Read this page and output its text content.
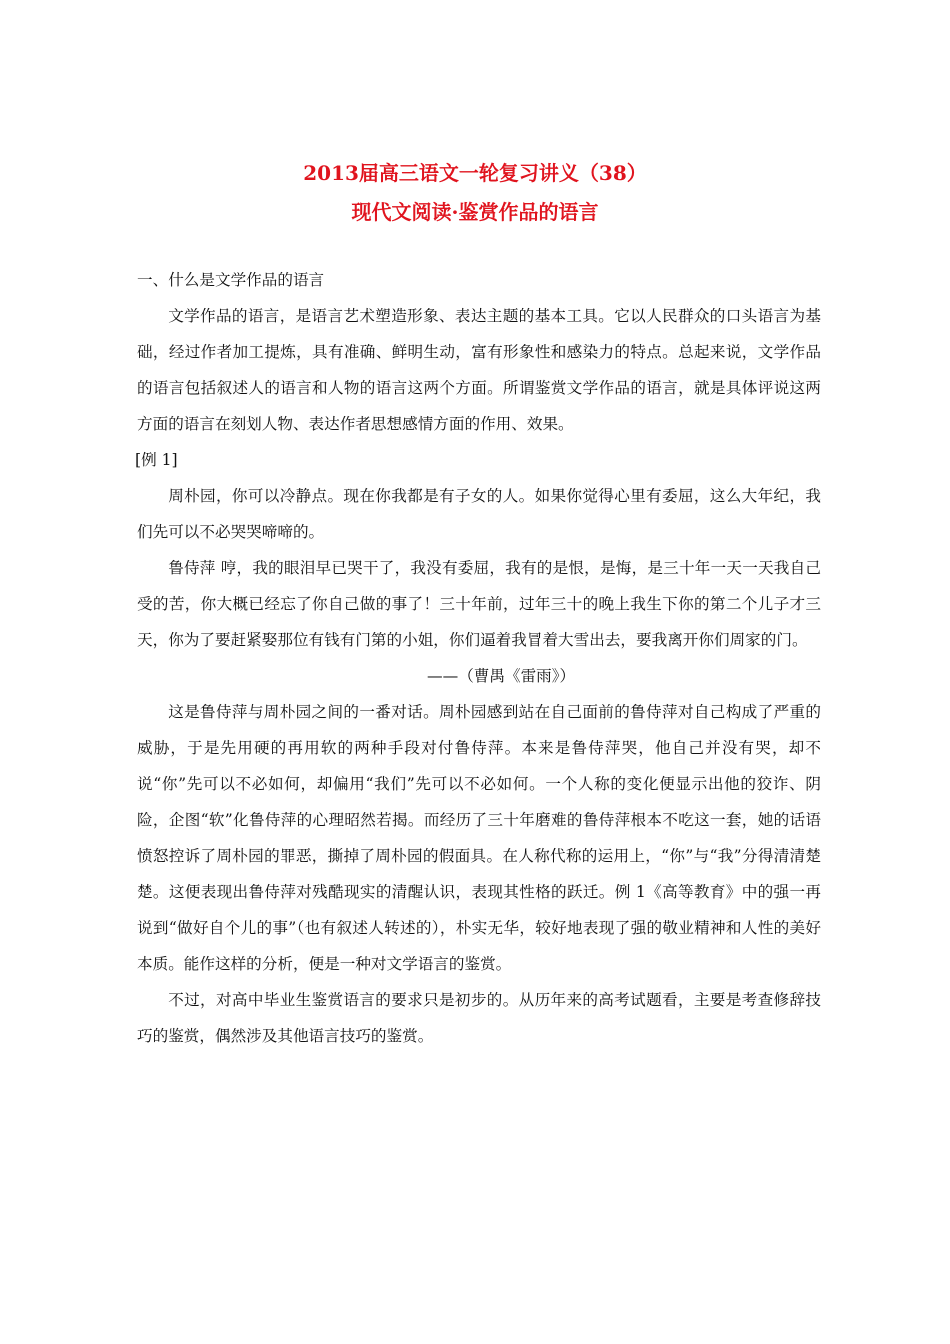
2013届高三语文一轮复习讲义（38）
现代文阅读·鉴赏作品的语言
一、什么是文学作品的语言

文学作品的语言，是语言艺术塑造形象、表达主题的基本工具。它以人民群众的口头语言为基础，经过作者加工提炼，具有准确、鲜明生动，富有形象性和感染力的特点。总起来说，文学作品的语言包括叙述人的语言和人物的语言这两个方面。所谓鉴赏文学作品的语言，就是具体评说这两方面的语言在刻划人物、表达作者思想感情方面的作用、效果。

[例 1]

周朴园，你可以冷静点。现在你我都是有子女的人。如果你觉得心里有委屈，这么大年纪，我们先可以不必哭哭啼啼的。

鲁侍萍 哼，我的眼泪早已哭干了，我没有委屈，我有的是恨，是悔，是三十年一天一天我自己受的苦，你大概已经忘了你自己做的事了！三十年前，过年三十的晚上我生下你的第二个儿子才三天，你为了要赶紧娶那位有钱有门第的小姐，你们逼着我冒着大雪出去，要我离开你们周家的门。

——（曹禺《雷雨》）

这是鲁侍萍与周朴园之间的一番对话。周朴园感到站在自己面前的鲁侍萍对自己构成了严重的威胁，于是先用硬的再用软的两种手段对付鲁侍萍。本来是鲁侍萍哭，他自己并没有哭，却不说“你”先可以不必如何，却偏用“我们”先可以不必如何。一个人称的变化便显示出他的狡诈、阴险，企图“软”化鲁侍萍的心理昭然若揭。而经历了三十年磨难的鲁侍萍根本不吃这一套，她的话语愤怒控诉了周朴园的罪恶，撕掉了周朴园的假面具。在人称代称的运用上，“你”与“我”分得清清楚楚。这便表现出鲁侍萍对残酷现实的清醒认识，表现其性格的跃迁。例 1《高等教育》中的强一再说到“做好自个儿的事”（也有叙述人转述的），朴实无华，较好地表现了强的敬业精神和人性的美好本质。能作这样的分析，便是一种对文学语言的鉴赏。

不过，对高中毕业生鉴赏语言的要求只是初步的。从历年来的高考试题看，主要是考查修辞技巧的鉴赏，偶然涉及其他语言技巧的鉴赏。
